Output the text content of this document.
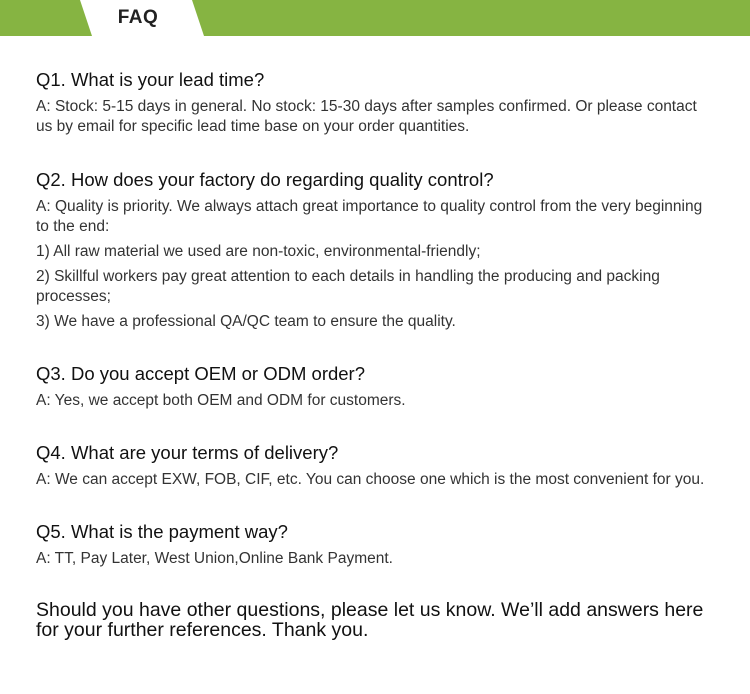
FAQ

Q1. What is your lead time?

A: Stock: 5-15 days in general. No stock: 15-30 days after samples confirmed. Or please contact us by email for specific lead time base on your order quantities.

Q2. How does your factory do regarding quality control?

A: Quality is priority. We always attach great importance to quality control from the very beginning to the end:

1) All raw material we used are non-toxic, environmental-friendly;

2) Skillful workers pay great attention to each details in handling the producing and packing processes;

3) We have a professional QA/QC team to ensure the quality.

Q3. Do you accept OEM or ODM order?

A: Yes, we accept both OEM and ODM for customers.

Q4. What are your terms of delivery?

A: We can accept EXW, FOB, CIF, etc. You can choose one which is the most convenient for you.

Q5. What is the payment way?

A: TT, Pay Later, West Union,Online Bank Payment.

Should you have other questions, please let us know. We’ll add answers here for your further references. Thank you.
